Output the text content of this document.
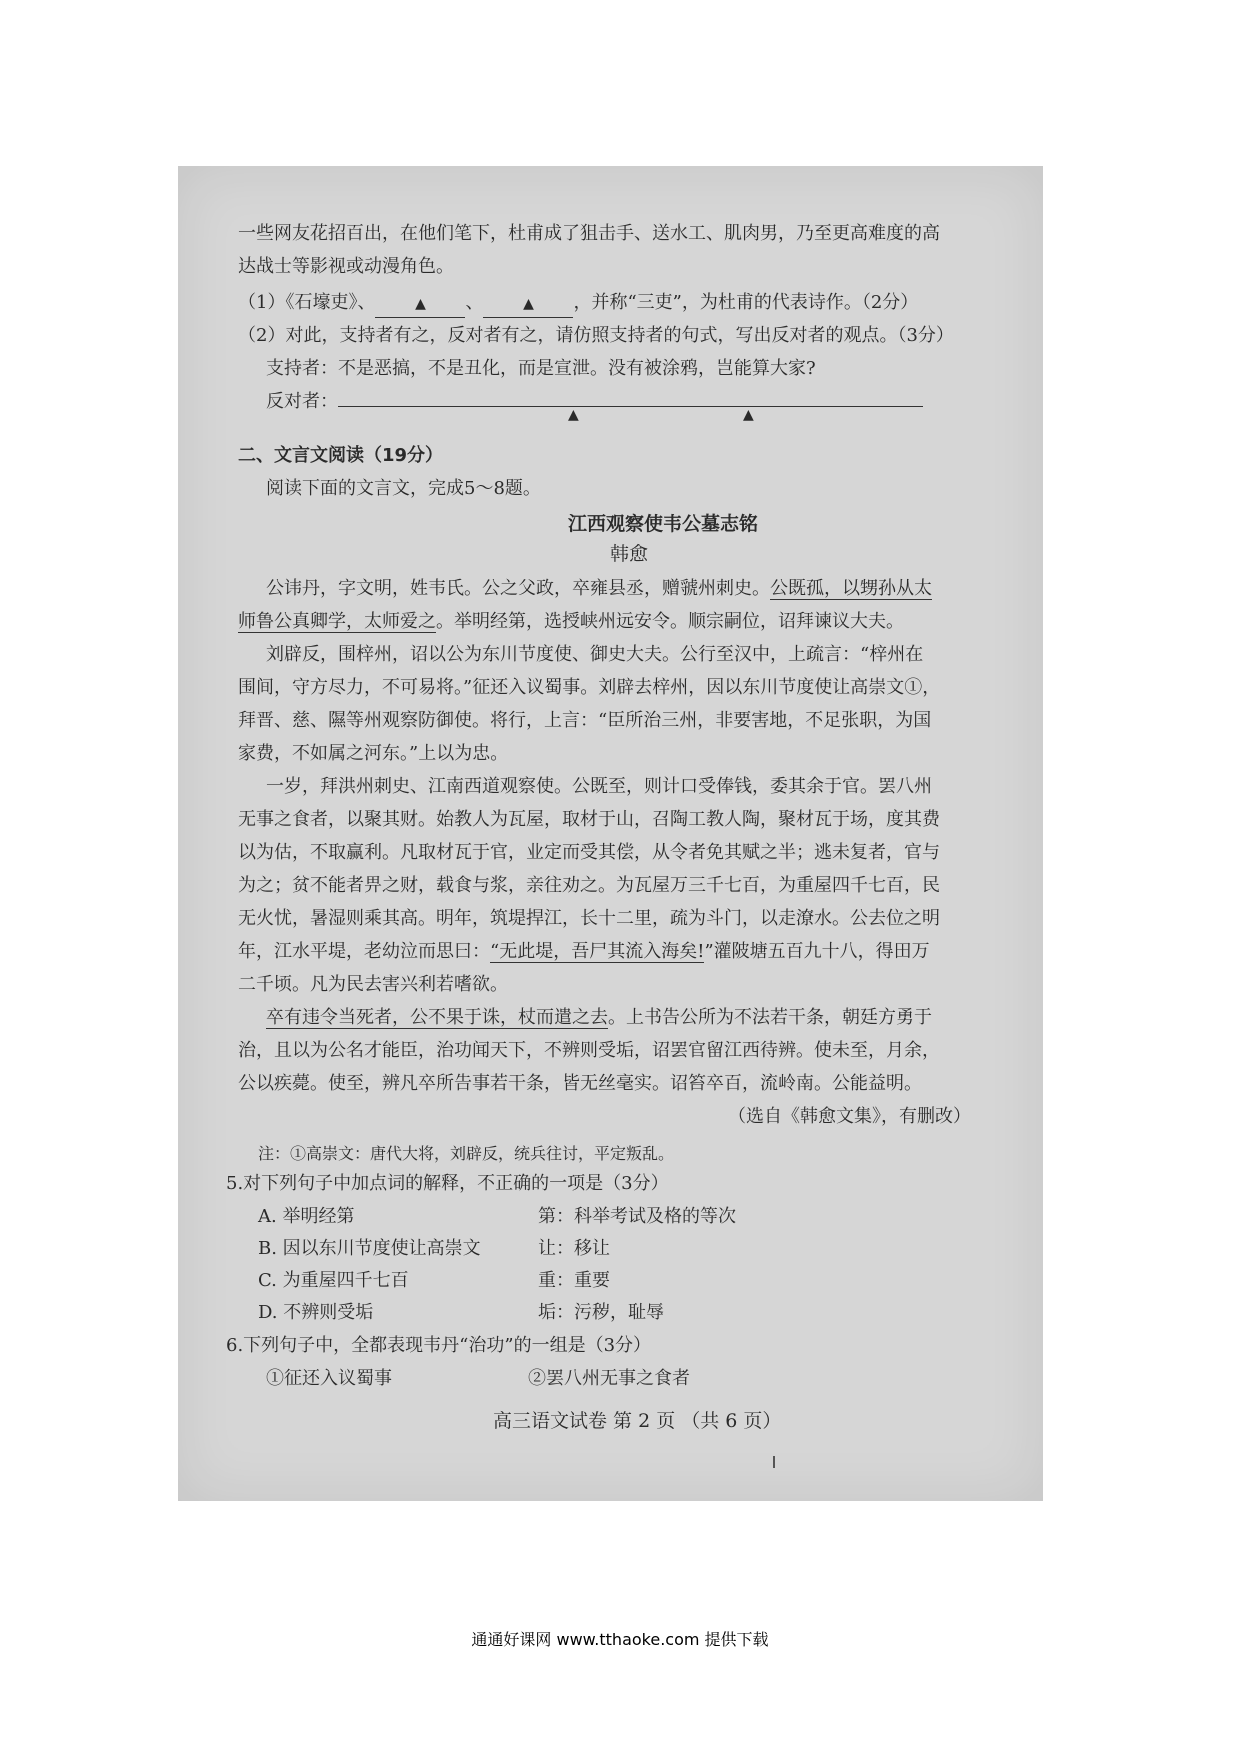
一些网友花招百出，在他们笔下，杜甫成了狙击手、送水工、肌肉男，乃至更高难度的高
达战士等影视或动漫角色。
（1）《石壕吏》、	▲ 、	▲ ，并称“三吏”，为杜甫的代表诗作。（2分）
（2）对此，支持者有之，反对者有之，请仿照支持者的句式，写出反对者的观点。（3分）
支持者：不是恶搞，不是丑化，而是宣泄。没有被涂鸦，岂能算大家?
反对者：
▲	▲
二、文言文阅读（19分）
阅读下面的文言文，完成5～8题。
江西观察使韦公墓志铭
韩愈
公讳丹，字文明，姓韦氏。公之父政，卒雍县丞，赠虢州刺史。公既孤，以甥孙从太
师鲁公真卿学，太师爱之。举明经第，选授峡州远安令。顺宗嗣位，诏拜谏议大夫。
刘辟反，围梓州，诏以公为东川节度使、御史大夫。公行至汉中，上疏言：“梓州在
围间，守方尽力，不可易将。”征还入议蜀事。刘辟去梓州，因以东川节度使让高崇文①，
拜晋、慈、隰等州观察防御使。将行，上言：“臣所治三州，非要害地，不足张职，为国
家费，不如属之河东。”上以为忠。
一岁，拜洪州刺史、江南西道观察使。公既至，则计口受俸钱，委其余于官。罢八州
无事之食者，以聚其财。始教人为瓦屋，取材于山，召陶工教人陶，聚材瓦于场，度其费
以为估，不取赢利。凡取材瓦于官，业定而受其偿，从令者免其赋之半；逃未复者，官与
为之；贫不能者畀之财，载食与浆，亲往劝之。为瓦屋万三千七百，为重屋四千七百，民
无火忧，暑湿则乘其高。明年，筑堤捍江，长十二里，疏为斗门，以走潦水。公去位之明
年，江水平堤，老幼泣而思曰：“无此堤，吾尸其流入海矣!”灌陂塘五百九十八，得田万
二千顷。凡为民去害兴利若嗜欲。
卒有违令当死者，公不果于诛，杖而遣之去。上书告公所为不法若干条，朝廷方勇于
治，且以为公名才能臣，治功闻天下，不辨则受垢，诏罢官留江西待辨。使未至，月余，
公以疾薨。使至，辨凡卒所告事若干条，皆无丝毫实。诏笞卒百，流岭南。公能益明。
（选自《韩愈文集》，有删改）
注：①高崇文：唐代大将，刘辟反，统兵往讨，平定叛乱。
5.对下列句子中加点词的解释，不正确的一项是（3分）
A. 举明经第	第：科举考试及格的等次
B. 因以东川节度使让高崇文	让：移让
C. 为重屋四千七百	重：重要
D. 不辨则受垢	垢：污秽，耻辱
6.下列句子中，全都表现韦丹“治功”的一组是（3分）
①征还入议蜀事	②罢八州无事之食者
高三语文试卷 第 2 页 （共 6 页）
通通好课网 www.tthaoke.com 提供下载
